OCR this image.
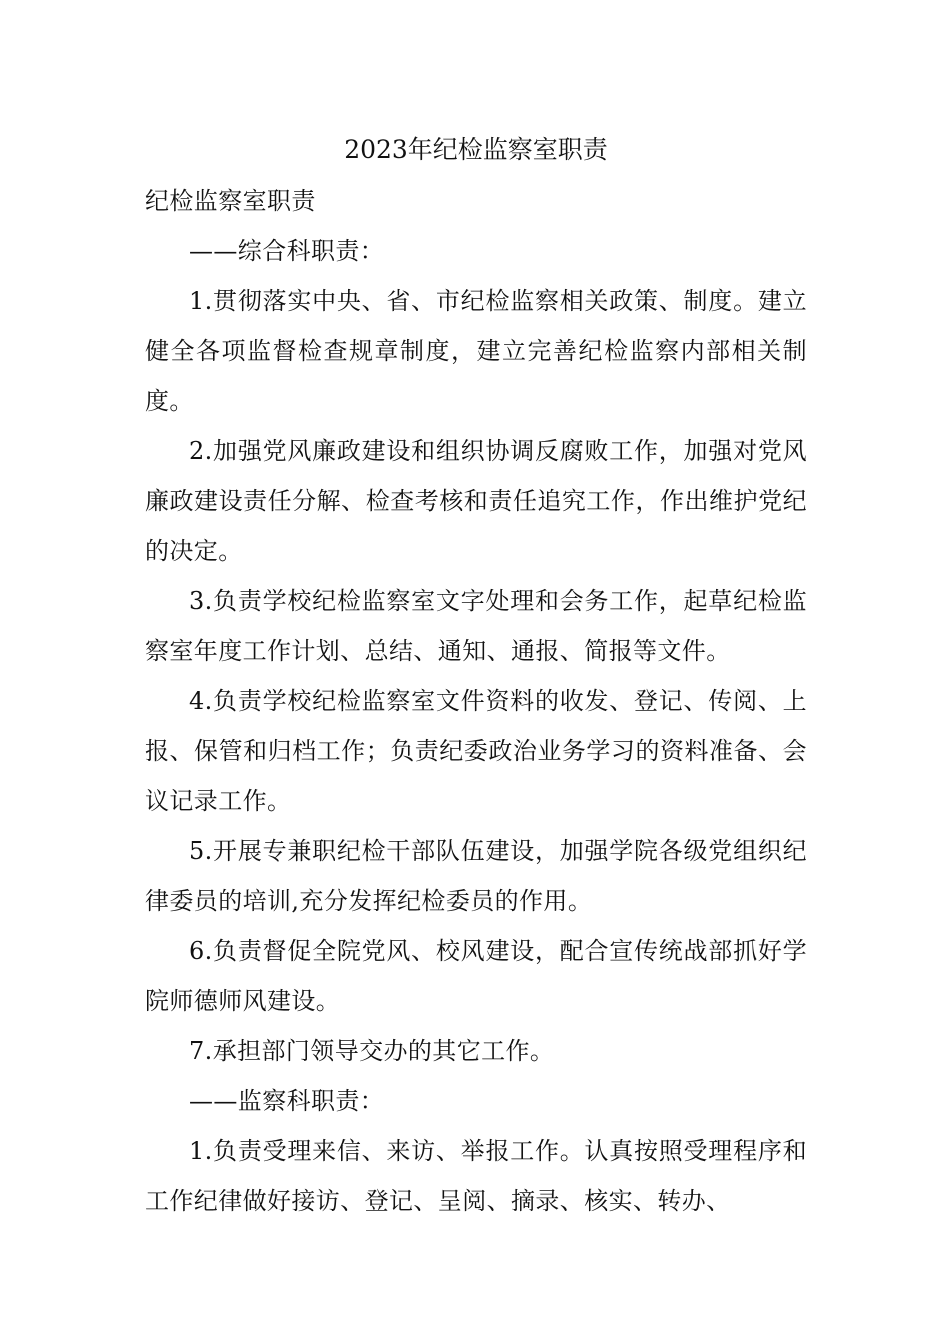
2023年纪检监察室职责

纪检监察室职责

——综合科职责：

1.贯彻落实中央、省、市纪检监察相关政策、制度。建立健全各项监督检查规章制度，建立完善纪检监察内部相关制度。

2.加强党风廉政建设和组织协调反腐败工作，加强对党风廉政建设责任分解、检查考核和责任追究工作，作出维护党纪的决定。

3.负责学校纪检监察室文字处理和会务工作，起草纪检监察室年度工作计划、总结、通知、通报、简报等文件。

4.负责学校纪检监察室文件资料的收发、登记、传阅、上报、保管和归档工作；负责纪委政治业务学习的资料准备、会议记录工作。

5.开展专兼职纪检干部队伍建设，加强学院各级党组织纪律委员的培训,充分发挥纪检委员的作用。

6.负责督促全院党风、校风建设，配合宣传统战部抓好学院师德师风建设。

7.承担部门领导交办的其它工作。

——监察科职责：

1.负责受理来信、来访、举报工作。认真按照受理程序和工作纪律做好接访、登记、呈阅、摘录、核实、转办、
